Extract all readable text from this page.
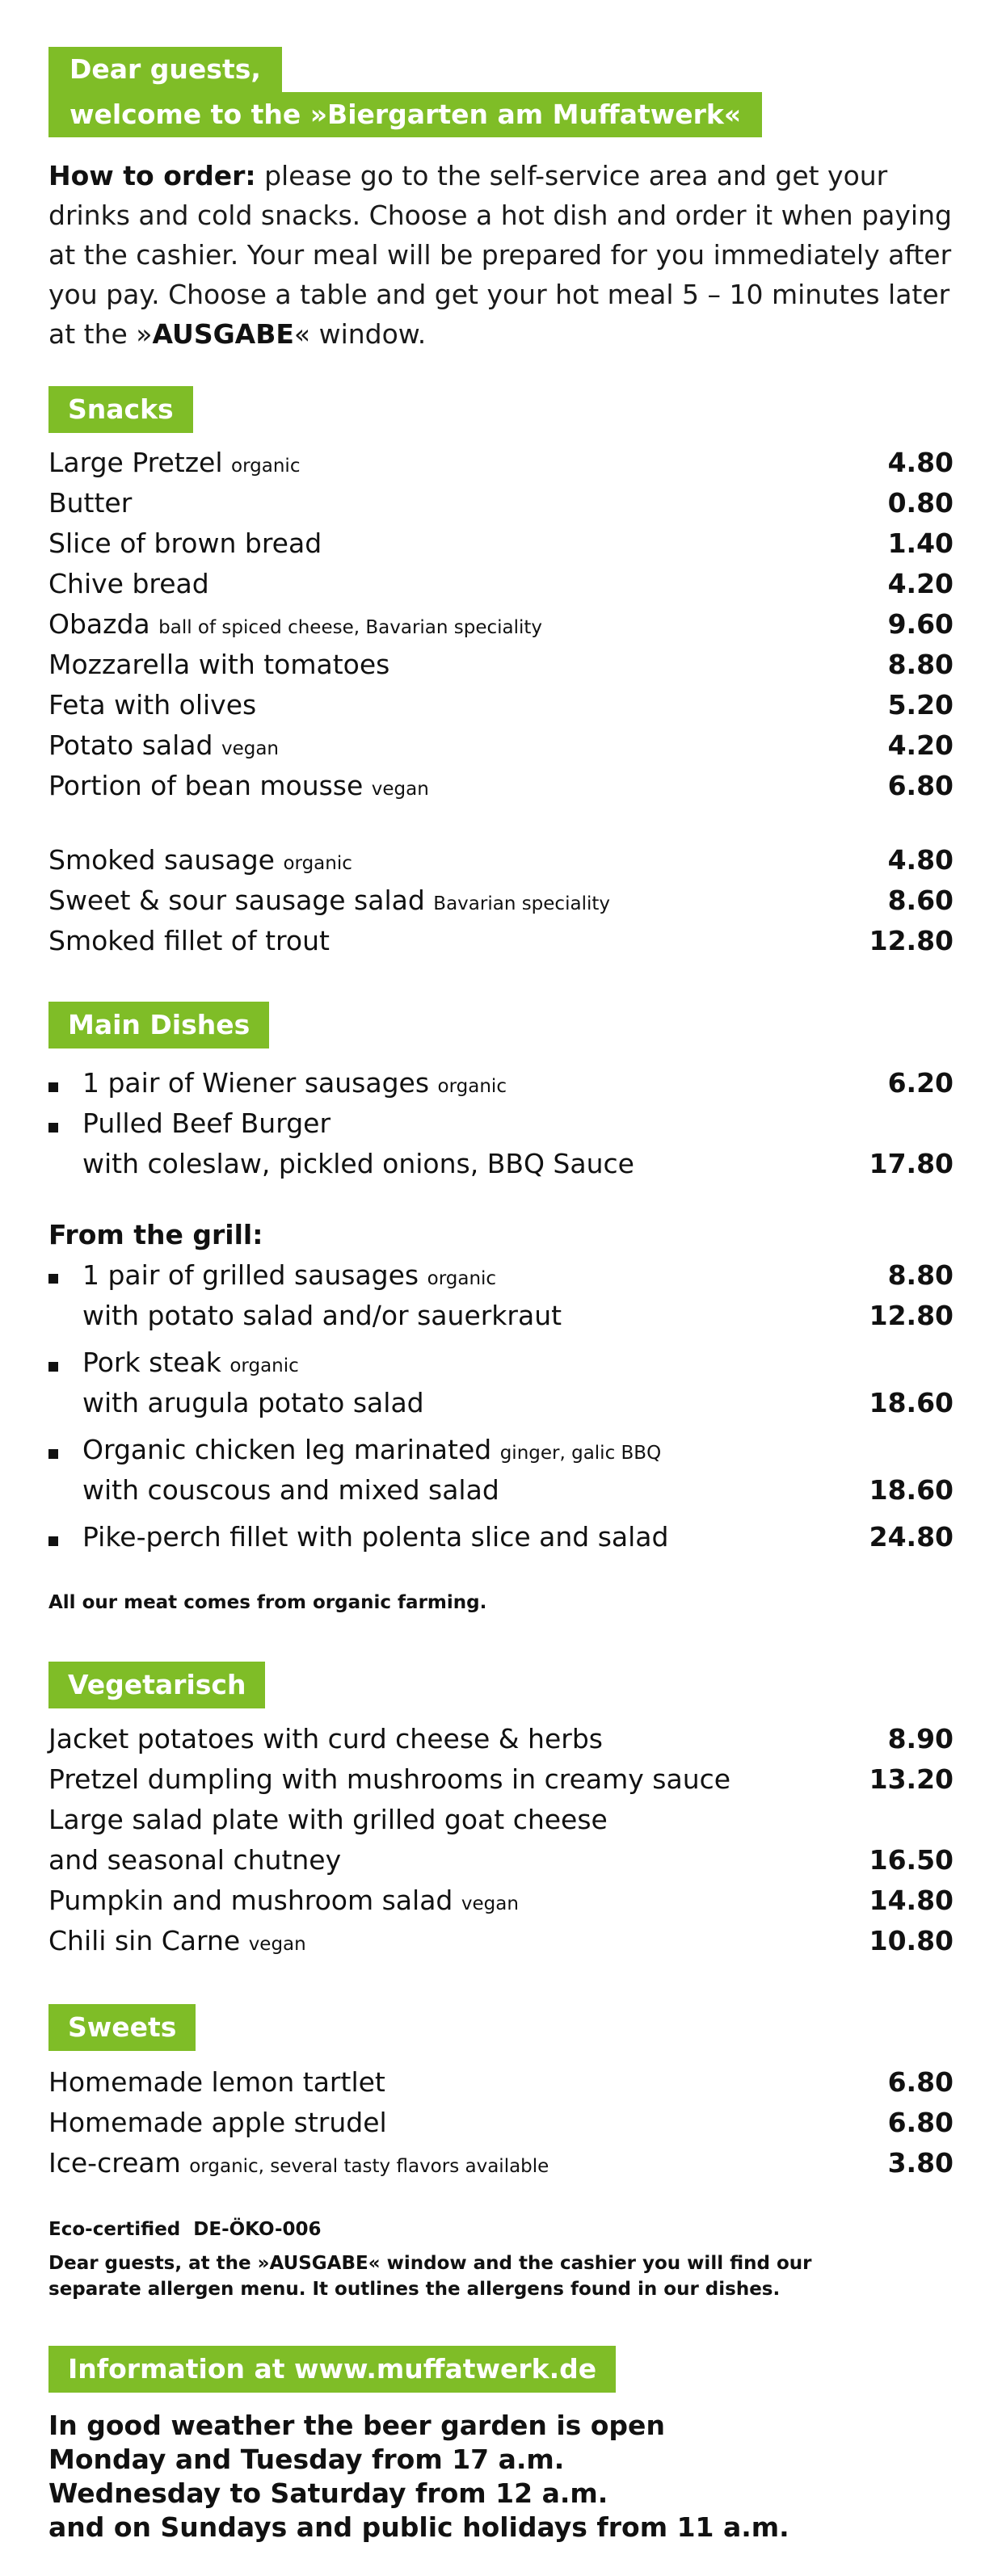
Dear guests,
welcome to the »Biergarten am Muffatwerk«
How to order: please go to the self-service area and get your drinks and cold snacks. Choose a hot dish and order it when paying at the cashier. Your meal will be prepared for you immediately after you pay. Choose a table and get your hot meal 5 – 10 minutes later at the »AUSGABE« window.
Snacks
Large Pretzel organic	4.80
Butter	0.80
Slice of brown bread	1.40
Chive bread	4.20
Obazda ball of spiced cheese, Bavarian speciality	9.60
Mozzarella with tomatoes	8.80
Feta with olives	5.20
Potato salad vegan	4.20
Portion of bean mousse vegan	6.80
Smoked sausage organic	4.80
Sweet & sour sausage salad Bavarian speciality	8.60
Smoked fillet of trout	12.80
Main Dishes
1 pair of Wiener sausages organic	6.20
Pulled Beef Burger
with coleslaw, pickled onions, BBQ Sauce	17.80
From the grill:
1 pair of grilled sausages organic	8.80
with potato salad and/or sauerkraut	12.80
Pork steak organic
with arugula potato salad	18.60
Organic chicken leg marinated ginger, galic BBQ
with couscous and mixed salad	18.60
Pike-perch fillet with polenta slice and salad	24.80
All our meat comes from organic farming.
Vegetarisch
Jacket potatoes with curd cheese & herbs	8.90
Pretzel dumpling with mushrooms in creamy sauce	13.20
Large salad plate with grilled goat cheese
and seasonal chutney	16.50
Pumpkin and mushroom salad vegan	14.80
Chili sin Carne vegan	10.80
Sweets
Homemade lemon tartlet	6.80
Homemade apple strudel	6.80
Ice-cream organic, several tasty flavors available	3.80
Eco-certified  DE-ÖKO-006
Dear guests, at the »AUSGABE« window and the cashier you will find our separate allergen menu. It outlines the allergens found in our dishes.
Information at www.muffatwerk.de
In good weather the beer garden is open
Monday and Tuesday from 17 a.m.
Wednesday to Saturday from 12 a.m.
and on Sundays and public holidays from 11 a.m.
